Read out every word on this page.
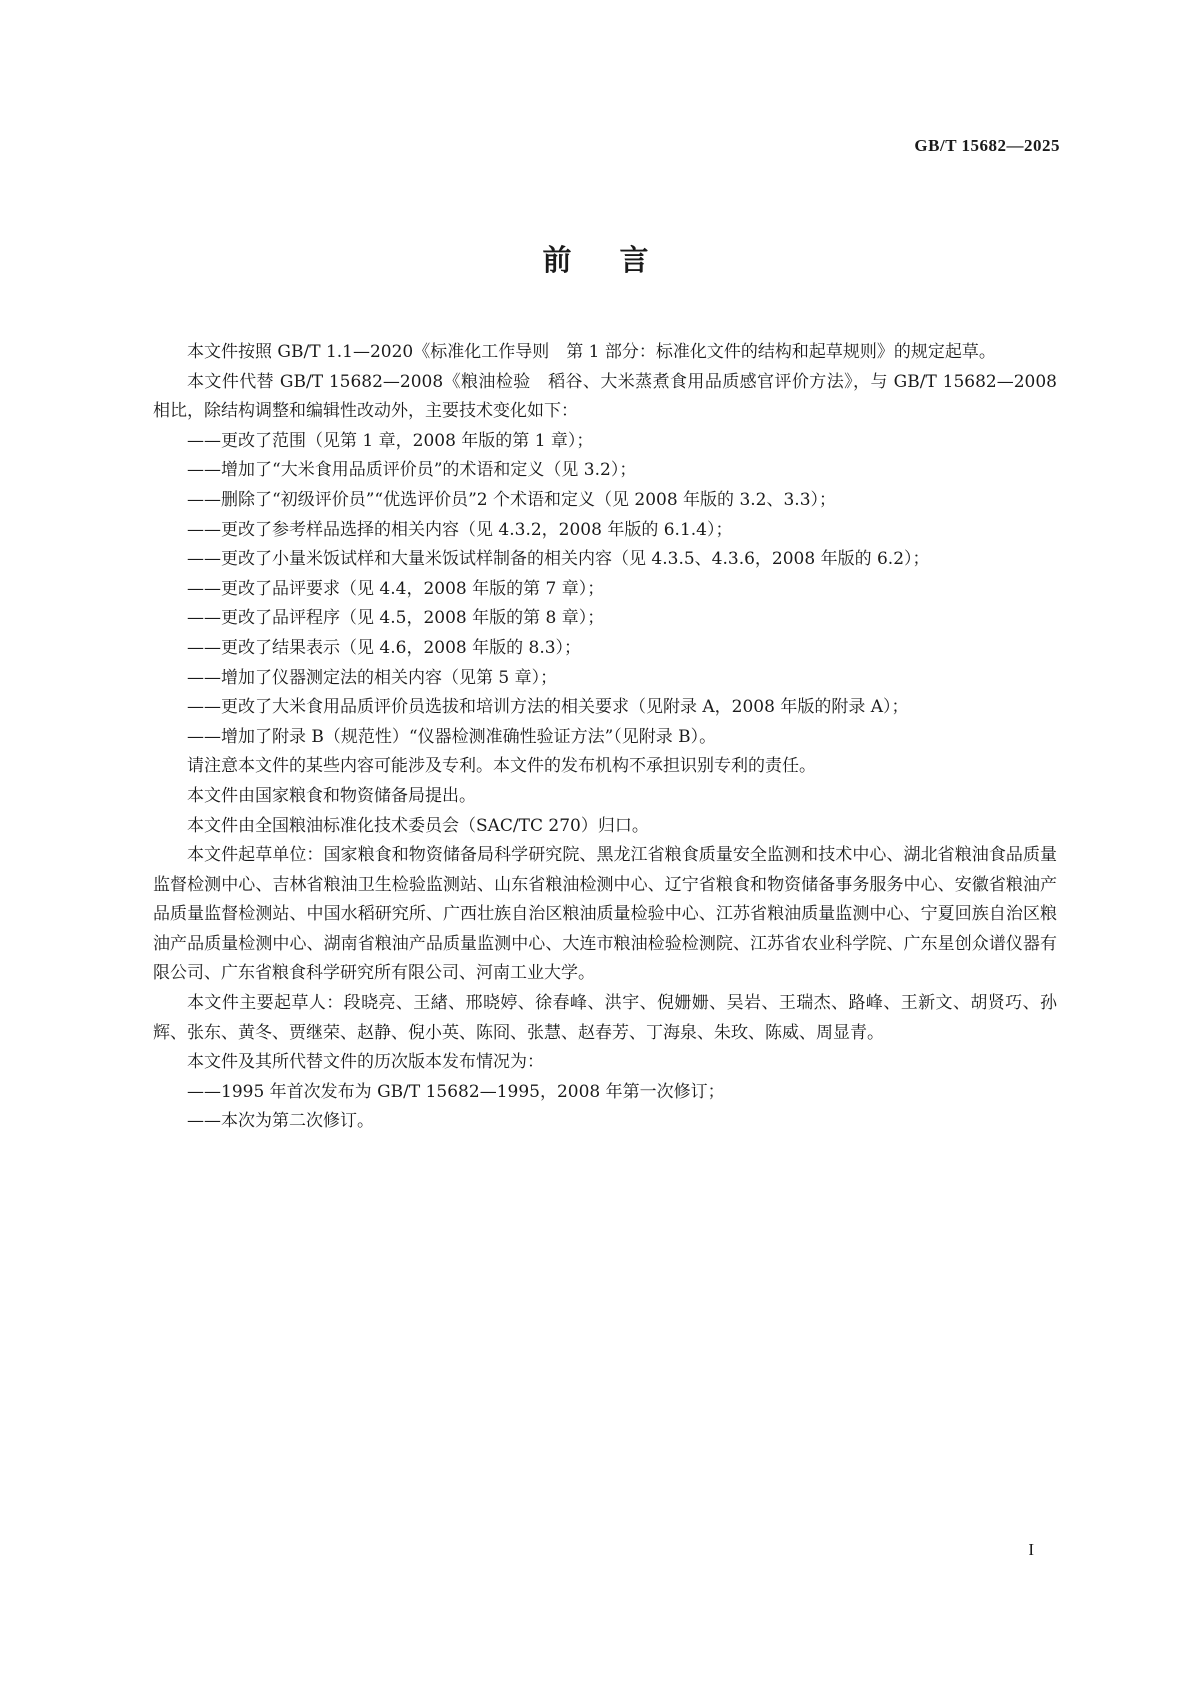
GB/T 15682—2025
前言

本文件按照 GB/T 1.1—2020《标准化工作导则　第 1 部分：标准化文件的结构和起草规则》的规定起草。

本文件代替 GB/T 15682—2008《粮油检验　稻谷、大米蒸煮食用品质感官评价方法》，与 GB/T 15682—2008 相比，除结构调整和编辑性改动外，主要技术变化如下：

——更改了范围（见第 1 章，2008 年版的第 1 章）；

——增加了“大米食用品质评价员”的术语和定义（见 3.2）；

——删除了“初级评价员”“优选评价员”2 个术语和定义（见 2008 年版的 3.2、3.3）；

——更改了参考样品选择的相关内容（见 4.3.2，2008 年版的 6.1.4）；

——更改了小量米饭试样和大量米饭试样制备的相关内容（见 4.3.5、4.3.6，2008 年版的 6.2）；

——更改了品评要求（见 4.4，2008 年版的第 7 章）；

——更改了品评程序（见 4.5，2008 年版的第 8 章）；

——更改了结果表示（见 4.6，2008 年版的 8.3）；

——增加了仪器测定法的相关内容（见第 5 章）；

——更改了大米食用品质评价员选拔和培训方法的相关要求（见附录 A，2008 年版的附录 A）；

——增加了附录 B（规范性）“仪器检测准确性验证方法”（见附录 B）。

请注意本文件的某些内容可能涉及专利。本文件的发布机构不承担识别专利的责任。

本文件由国家粮食和物资储备局提出。

本文件由全国粮油标准化技术委员会（SAC/TC 270）归口。

本文件起草单位：国家粮食和物资储备局科学研究院、黑龙江省粮食质量安全监测和技术中心、湖北省粮油食品质量监督检测中心、吉林省粮油卫生检验监测站、山东省粮油检测中心、辽宁省粮食和物资储备事务服务中心、安徽省粮油产品质量监督检测站、中国水稻研究所、广西壮族自治区粮油质量检验中心、江苏省粮油质量监测中心、宁夏回族自治区粮油产品质量检测中心、湖南省粮油产品质量监测中心、大连市粮油检验检测院、江苏省农业科学院、广东星创众谱仪器有限公司、广东省粮食科学研究所有限公司、河南工业大学。

本文件主要起草人：段晓亮、王緖、邢晓婷、徐春峰、洪宇、倪姗姗、吴岩、王瑞杰、路峰、王新文、胡贤巧、孙辉、张东、黄冬、贾继荣、赵静、倪小英、陈冏、张慧、赵春芳、丁海泉、朱玫、陈威、周显青。

本文件及其所代替文件的历次版本发布情况为：

——1995 年首次发布为 GB/T 15682—1995，2008 年第一次修订；

——本次为第二次修订。

I
